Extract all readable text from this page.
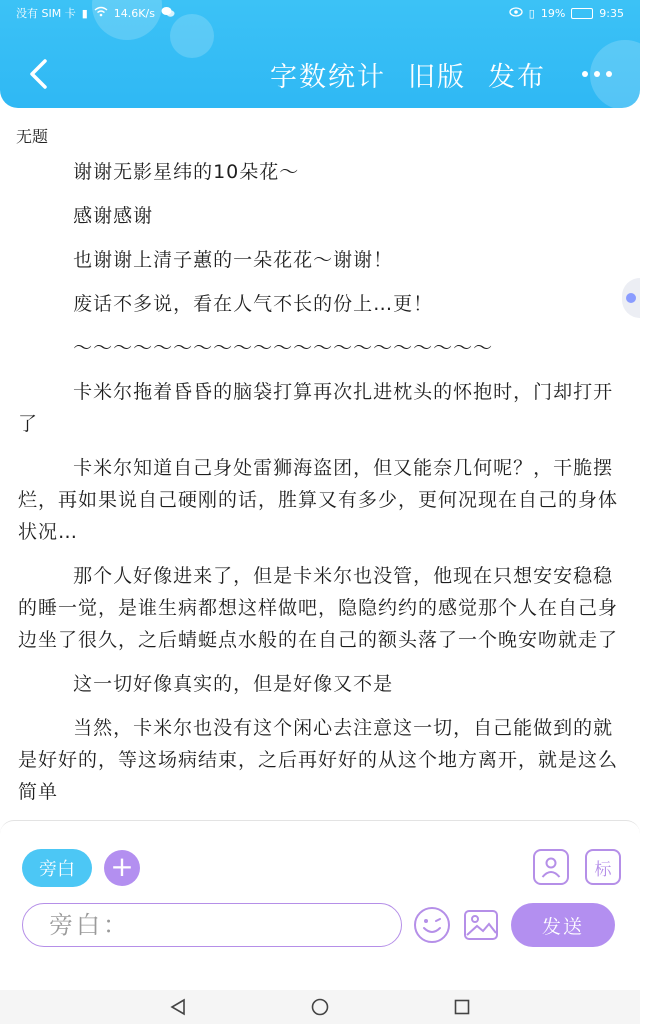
没有 SIM 卡 ▮ 14.6K/s	▯ 19%	9:35
字数统计 旧版 发布
无题

谢谢无影星纬的10朵花～

感谢感谢

也谢谢上清子蕙的一朵花花～谢谢！

废话不多说，看在人气不长的份上…更！

～～～～～～～～～～～～～～～～～～～～～

卡米尔拖着昏昏的脑袋打算再次扎进枕头的怀抱时，门却打开了

卡米尔知道自己身处雷狮海盗团，但又能奈几何呢？，干脆摆烂，再如果说自己硬刚的话，胜算又有多少，更何况现在自己的身体状况…

那个人好像进来了，但是卡米尔也没管，他现在只想安安稳稳的睡一觉，是谁生病都想这样做吧，隐隐约约的感觉那个人在自己身边坐了很久，之后蜻蜓点水般的在自己的额头落了一个晚安吻就走了

这一切好像真实的，但是好像又不是

当然，卡米尔也没有这个闲心去注意这一切，自己能做到的就是好好的，等这场病结束，之后再好好的从这个地方离开，就是这么简单

旁白	+	标
旁白：
发送
